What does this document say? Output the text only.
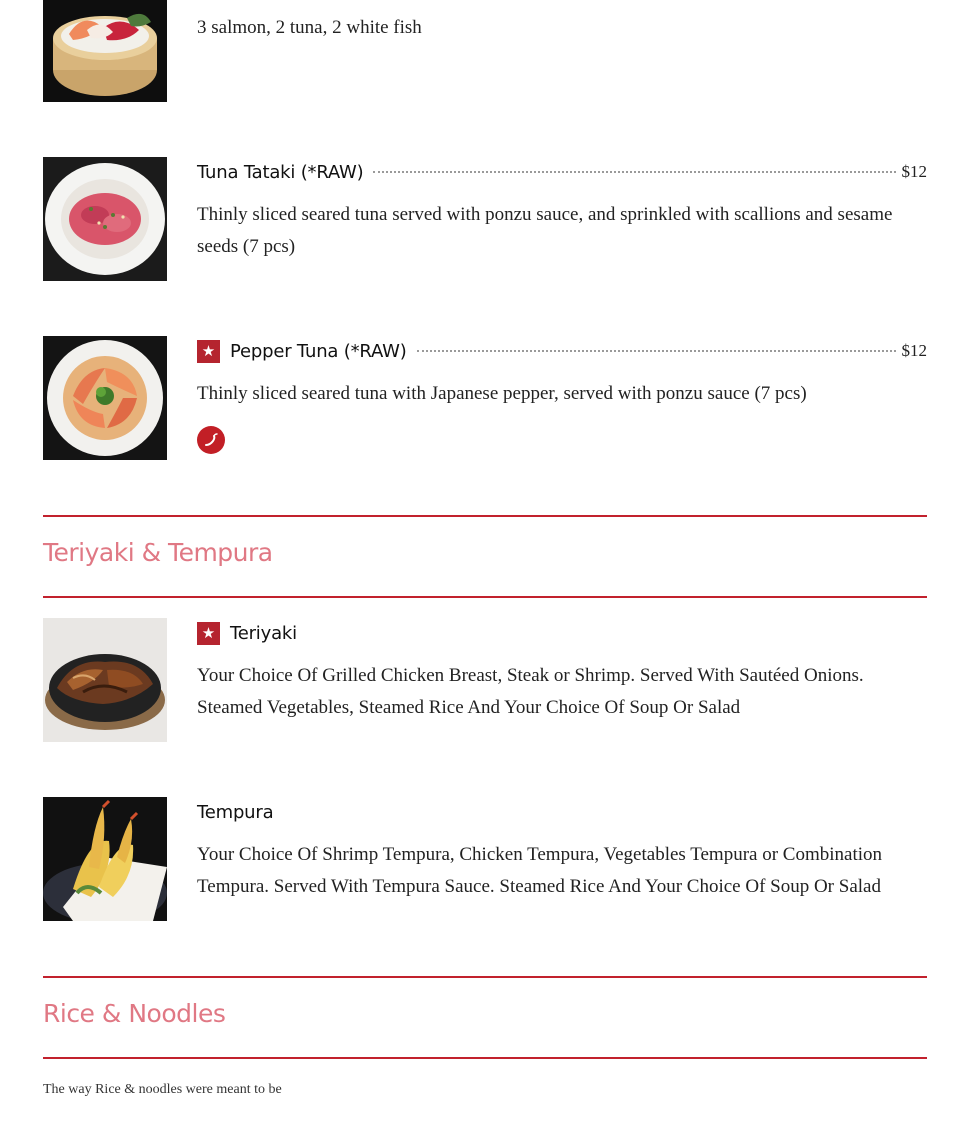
3 salmon, 2 tuna, 2 white fish
Tuna Tataki (*RAW)	$12
Thinly sliced seared tuna served with ponzu sauce, and sprinkled with scallions and sesame seeds (7 pcs)
★ Pepper Tuna (*RAW)	$12
Thinly sliced seared tuna with Japanese pepper, served with ponzu sauce (7 pcs)
Teriyaki & Tempura
★ Teriyaki
Your Choice Of Grilled Chicken Breast, Steak or Shrimp. Served With Sautéed Onions. Steamed Vegetables, Steamed Rice And Your Choice Of Soup Or Salad
Tempura
Your Choice Of Shrimp Tempura, Chicken Tempura, Vegetables Tempura or Combination Tempura. Served With Tempura Sauce. Steamed Rice And Your Choice Of Soup Or Salad
Rice & Noodles
The way Rice & noodles were meant to be
